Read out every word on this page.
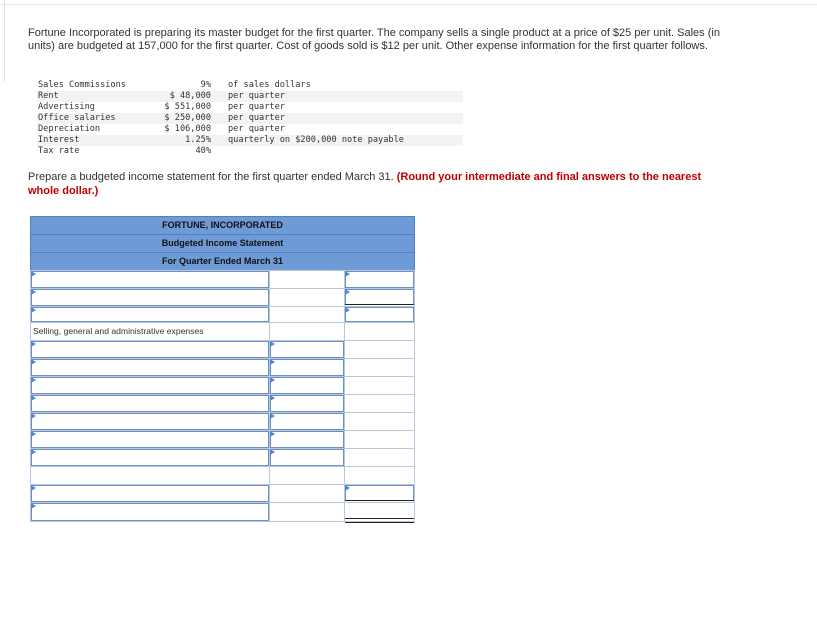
Fortune Incorporated is preparing its master budget for the first quarter. The company sells a single product at a price of $25 per unit. Sales (in units) are budgeted at 157,000 for the first quarter. Cost of goods sold is $12 per unit. Other expense information for the first quarter follows.
Sales Commissions	9% of sales dollars
Rent	$ 48,000 per quarter
Advertising	$ 551,000 per quarter
Office salaries	$ 250,000 per quarter
Depreciation	$ 106,000 per quarter
Interest	1.25% quarterly on $200,000 note payable
Tax rate	40%
Prepare a budgeted income statement for the first quarter ended March 31. (Round your intermediate and final answers to the nearest whole dollar.)
FORTUNE, INCORPORATED
Budgeted Income Statement
For Quarter Ended March 31
Selling, general and administrative expenses
